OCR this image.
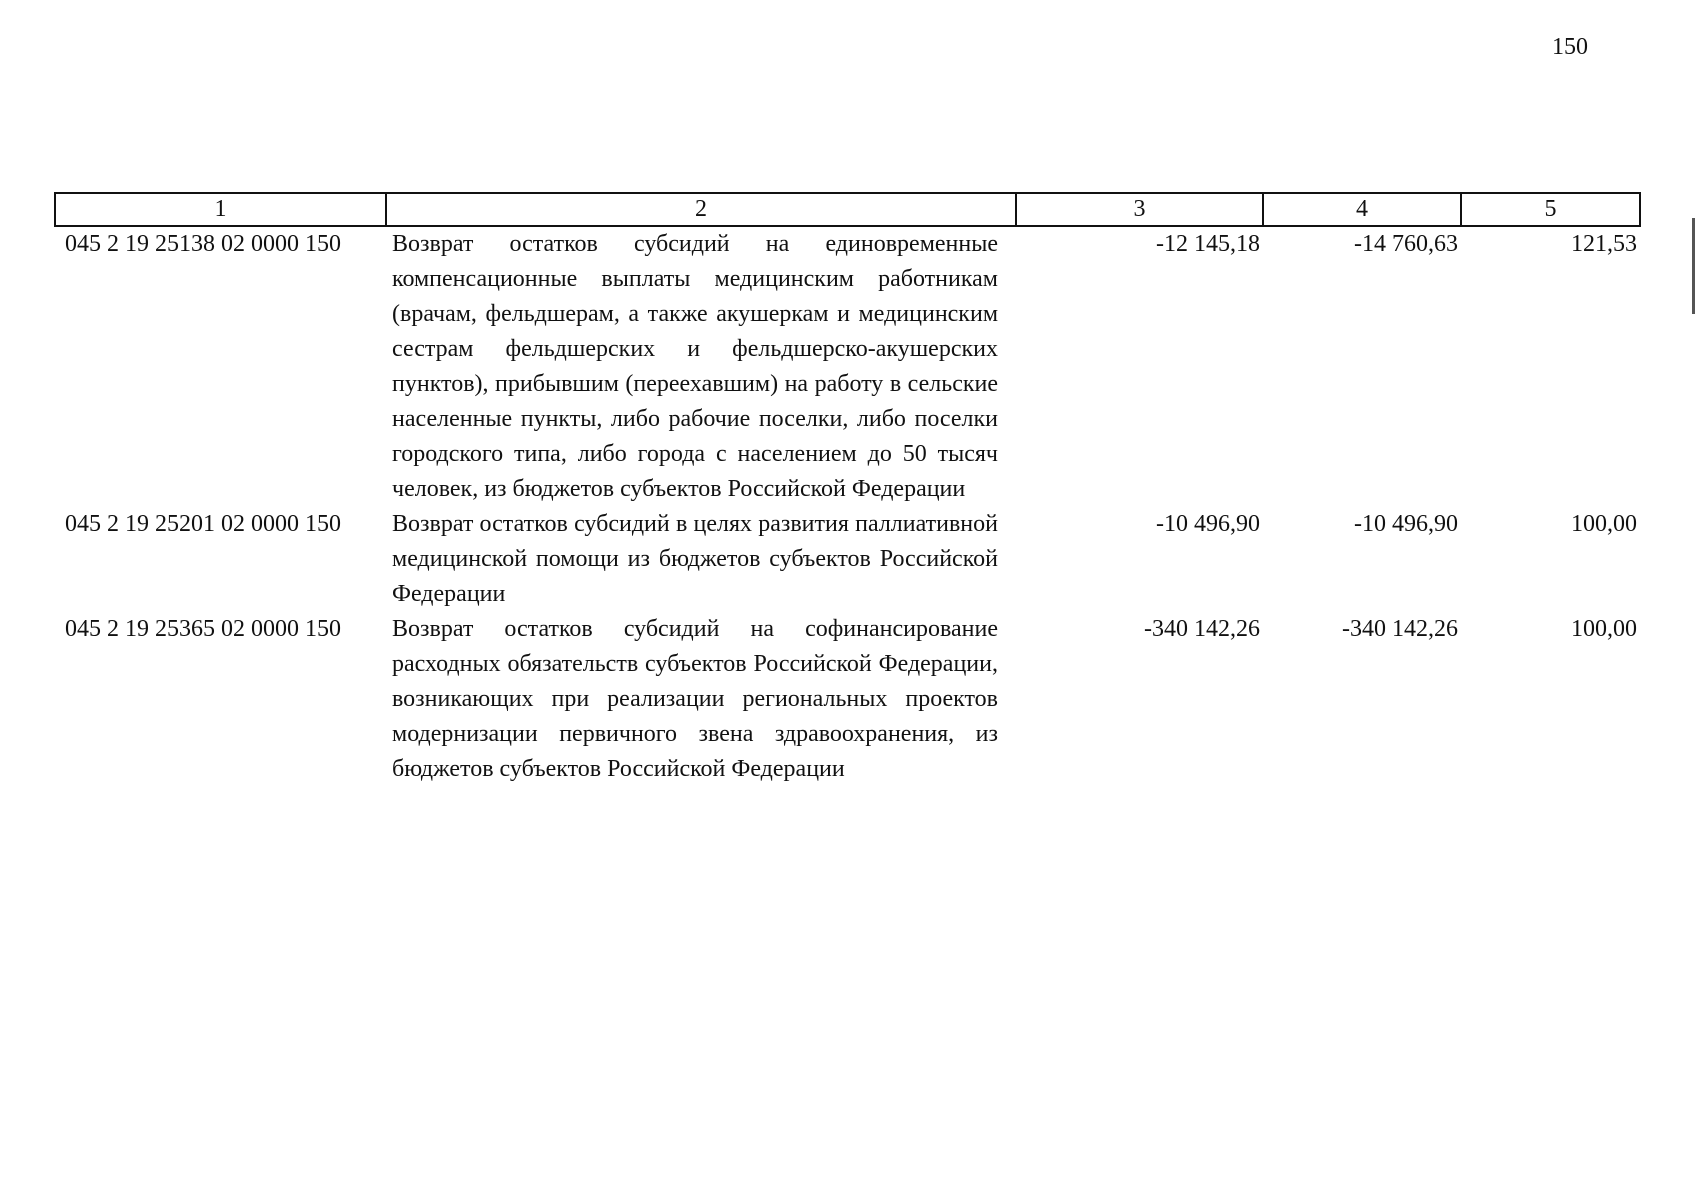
150
1	2	3	4	5
045 2 19 25138 02 0000 150	Возврат остатков субсидий на единовременные компенсационные выплаты медицинским работникам (врачам, фельдшерам, а также акушеркам и медицинским сестрам фельдшерских и фельдшерско-акушерских пунктов), прибывшим (переехавшим) на работу в сельские населенные пункты, либо рабочие поселки, либо поселки городского типа, либо города с населением до 50 тысяч человек, из бюджетов субъектов Российской Федерации	-12 145,18	-14 760,63	121,53
045 2 19 25201 02 0000 150	Возврат остатков субсидий в целях развития паллиативной медицинской помощи из бюджетов субъектов Российской Федерации	-10 496,90	-10 496,90	100,00
045 2 19 25365 02 0000 150	Возврат остатков субсидий на софинансирование расходных обязательств субъектов Российской Федерации, возникающих при реализации региональных проектов модернизации первичного звена здравоохранения, из бюджетов субъектов Российской Федерации	-340 142,26	-340 142,26	100,00
